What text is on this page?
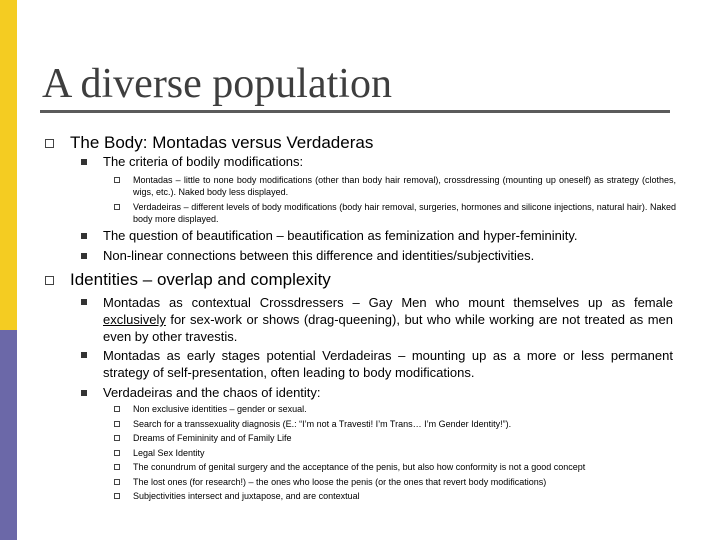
A diverse population
The Body: Montadas versus Verdaderas
The criteria of bodily modifications:
Montadas – little to none body modifications (other than body hair removal), crossdressing (mounting up oneself) as strategy (clothes, wigs, etc.). Naked body less displayed.
Verdadeiras – different levels of body modifications (body hair removal, surgeries, hormones and silicone injections, natural hair). Naked body more displayed.
The question of beautification – beautification as feminization and hyper-femininity.
Non-linear connections between this difference and identities/subjectivities.
Identities – overlap and complexity
Montadas as contextual Crossdressers – Gay Men who mount themselves up as female exclusively for sex-work or shows (drag-queening), but who while working are not treated as men even by other travestis.
Montadas as early stages potential Verdadeiras – mounting up as a more or less permanent strategy of self-presentation, often leading to body modifications.
Verdadeiras and the chaos of identity:
Non exclusive identities – gender or sexual.
Search for a transsexuality diagnosis (E.: “I’m not a Travesti! I’m Trans… I’m Gender Identity!”).
Dreams of Femininity and of Family Life
Legal Sex Identity
The conundrum of genital surgery and the acceptance of the penis, but also how conformity is not a good concept
The lost ones (for research!) – the ones who loose the penis (or the ones that revert body modifications)
Subjectivities intersect and juxtapose, and are contextual
